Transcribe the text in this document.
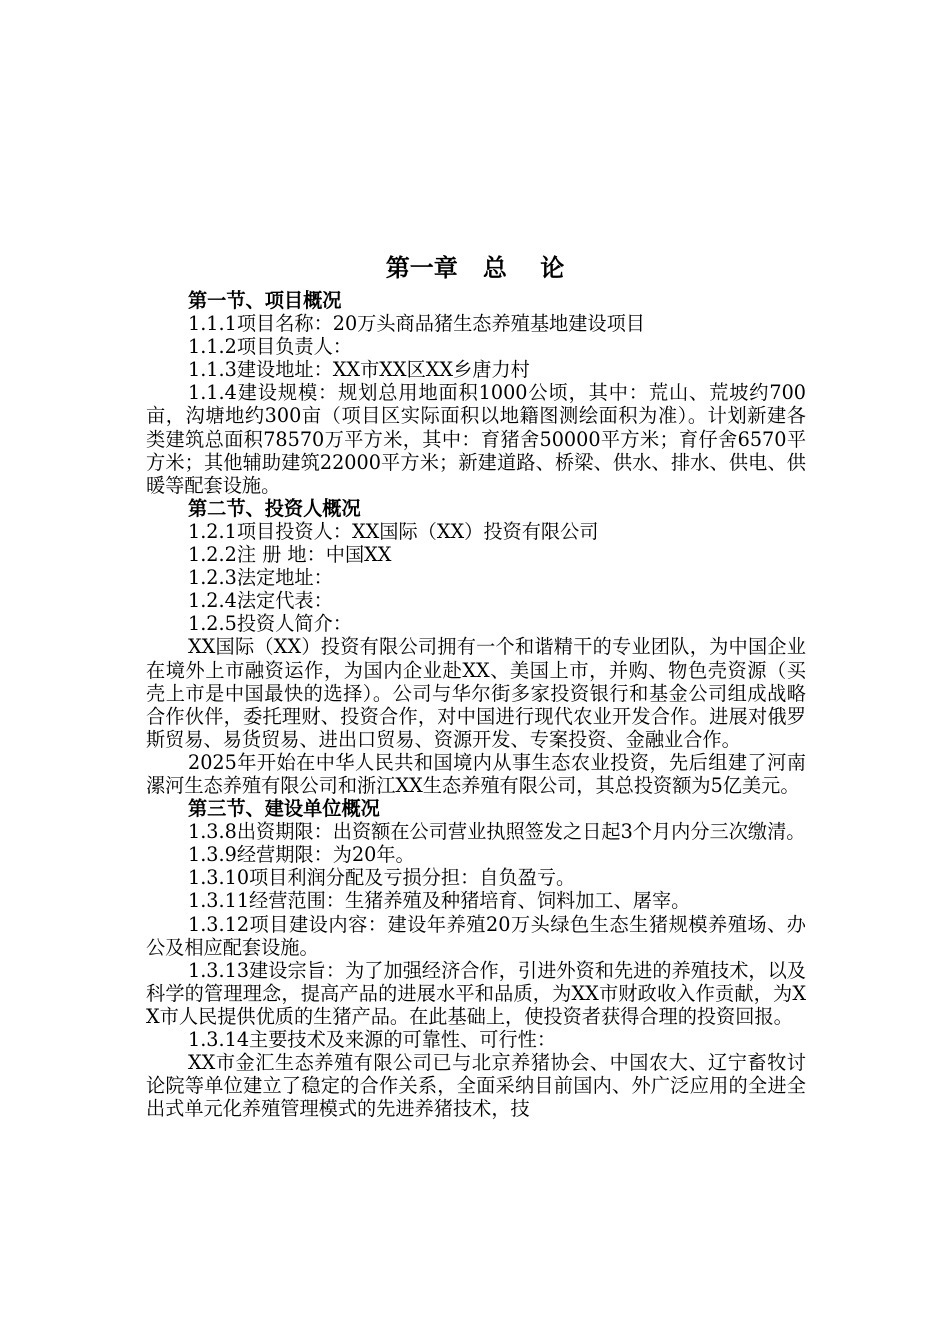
第一章   总    论

第一节、项目概况

1.1.1项目名称：20万头商品猪生态养殖基地建设项目

1.1.2项目负责人：

1.1.3建设地址：XX市XX区XX乡唐力村

1.1.4建设规模：规划总用地面积1000公顷，其中：荒山、荒坡约700亩，沟塘地约300亩（项目区实际面积以地籍图测绘面积为准）。计划新建各类建筑总面积78570万平方米，其中：育猪舍50000平方米；育仔舍6570平方米；其他辅助建筑22000平方米；新建道路、桥梁、供水、排水、供电、供暖等配套设施。

第二节、投资人概况

1.2.1项目投资人：XX国际（XX）投资有限公司

1.2.2注 册 地：中国XX

1.2.3法定地址：

1.2.4法定代表：

1.2.5投资人简介：

XX国际（XX）投资有限公司拥有一个和谐精干的专业团队，为中国企业在境外上市融资运作，为国内企业赴XX、美国上市，并购、物色壳资源（买壳上市是中国最快的选择）。公司与华尔街多家投资银行和基金公司组成战略合作伙伴，委托理财、投资合作，对中国进行现代农业开发合作。进展对俄罗斯贸易、易货贸易、进出口贸易、资源开发、专案投资、金融业合作。

2025年开始在中华人民共和国境内从事生态农业投资，先后组建了河南漯河生态养殖有限公司和浙江XX生态养殖有限公司，其总投资额为5亿美元。

第三节、建设单位概况

1.3.8出资期限：出资额在公司营业执照签发之日起3个月内分三次缴清。

1.3.9经营期限：为20年。

1.3.10项目利润分配及亏损分担：自负盈亏。

1.3.11经营范围：生猪养殖及种猪培育、饲料加工、屠宰。

1.3.12项目建设内容：建设年养殖20万头绿色生态生猪规模养殖场、办公及相应配套设施。

1.3.13建设宗旨：为了加强经济合作，引进外资和先进的养殖技术，以及科学的管理理念，提高产品的进展水平和品质，为XX市财政收入作贡献，为XX市人民提供优质的生猪产品。在此基础上，使投资者获得合理的投资回报。

1.3.14主要技术及来源的可靠性、可行性：

XX市金汇生态养殖有限公司已与北京养猪协会、中国农大、辽宁畜牧讨论院等单位建立了稳定的合作关系，全面采纳目前国内、外广泛应用的全进全出式单元化养殖管理模式的先进养猪技术，技
